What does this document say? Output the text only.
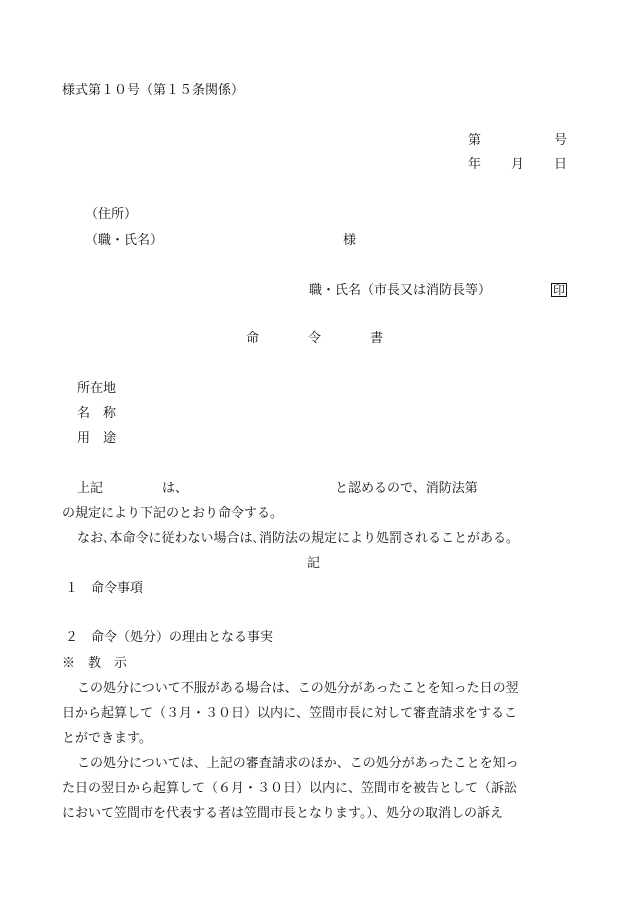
様式第１０号（第１５条関係）
第	号
年 月 日
（住所）
（職・氏名）	様
職・氏名（市長又は消防長等）	印
命	令	書
所在地
名　称
用　途
上記	は、	と認めるので、消防法第
の規定により下記のとおり命令する。
なお､本命令に従わない場合は､消防法の規定により処罰されることがある。
記
１　命令事項
２　命令（処分）の理由となる事実
※　教　示
この処分について不服がある場合は、この処分があったことを知った日の翌
日から起算して（３月・３０日）以内に、笠間市長に対して審査請求をするこ
とができます。
この処分については、上記の審査請求のほか、この処分があったことを知っ
た日の翌日から起算して（６月・３０日）以内に、笠間市を被告として（訴訟
において笠間市を代表する者は笠間市長となります。）、処分の取消しの訴え
